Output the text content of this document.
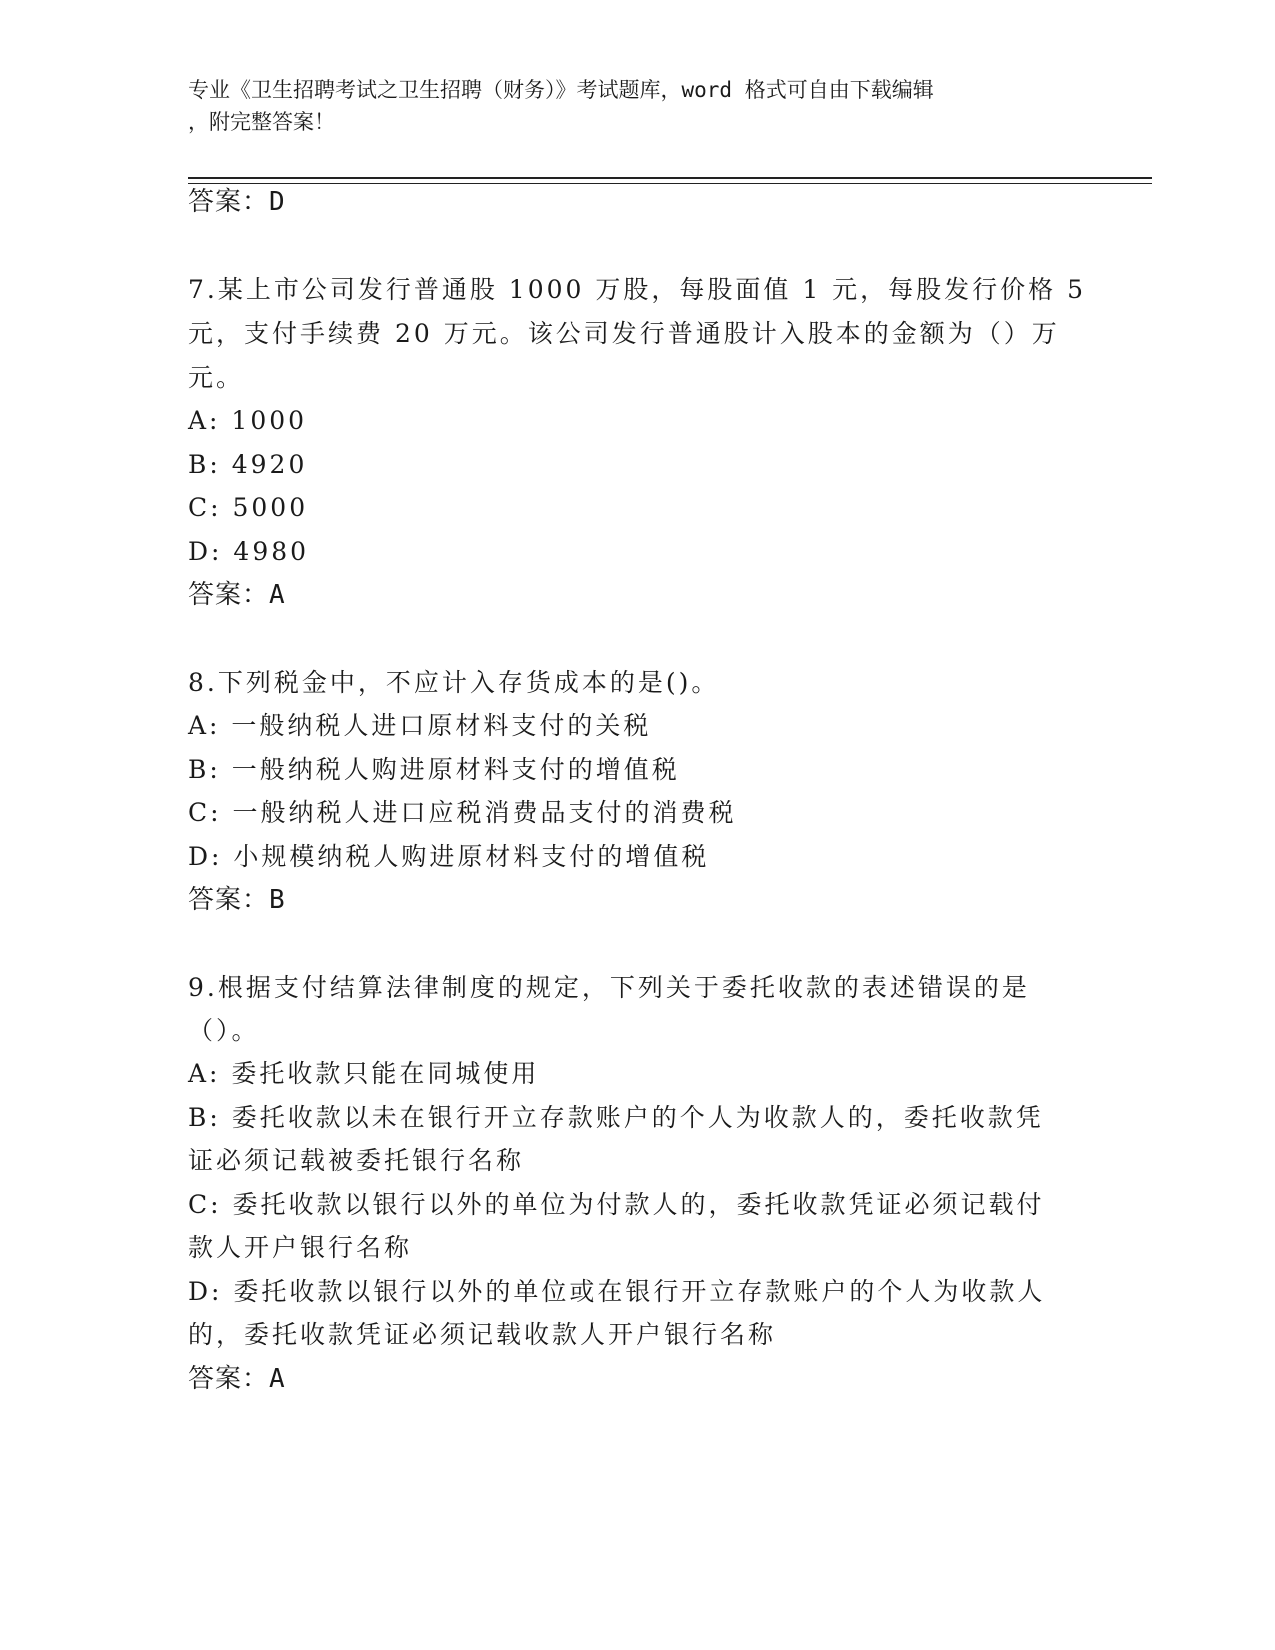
专业《卫生招聘考试之卫生招聘（财务）》考试题库，word 格式可自由下载编辑
，附完整答案！
答案：D
7.某上市公司发行普通股 1000 万股，每股面值 1 元，每股发行价格 5
元，支付手续费 20 万元。该公司发行普通股计入股本的金额为（）万
元。
A: 1000
B: 4920
C: 5000
D: 4980
答案：A
8.下列税金中，不应计入存货成本的是()。
A: 一般纳税人进口原材料支付的关税
B: 一般纳税人购进原材料支付的增值税
C: 一般纳税人进口应税消费品支付的消费税
D: 小规模纳税人购进原材料支付的增值税
答案：B
9.根据支付结算法律制度的规定，下列关于委托收款的表述错误的是
（）。
A: 委托收款只能在同城使用
B: 委托收款以未在银行开立存款账户的个人为收款人的，委托收款凭
证必须记载被委托银行名称
C: 委托收款以银行以外的单位为付款人的，委托收款凭证必须记载付
款人开户银行名称
D: 委托收款以银行以外的单位或在银行开立存款账户的个人为收款人
的，委托收款凭证必须记载收款人开户银行名称
答案：A
